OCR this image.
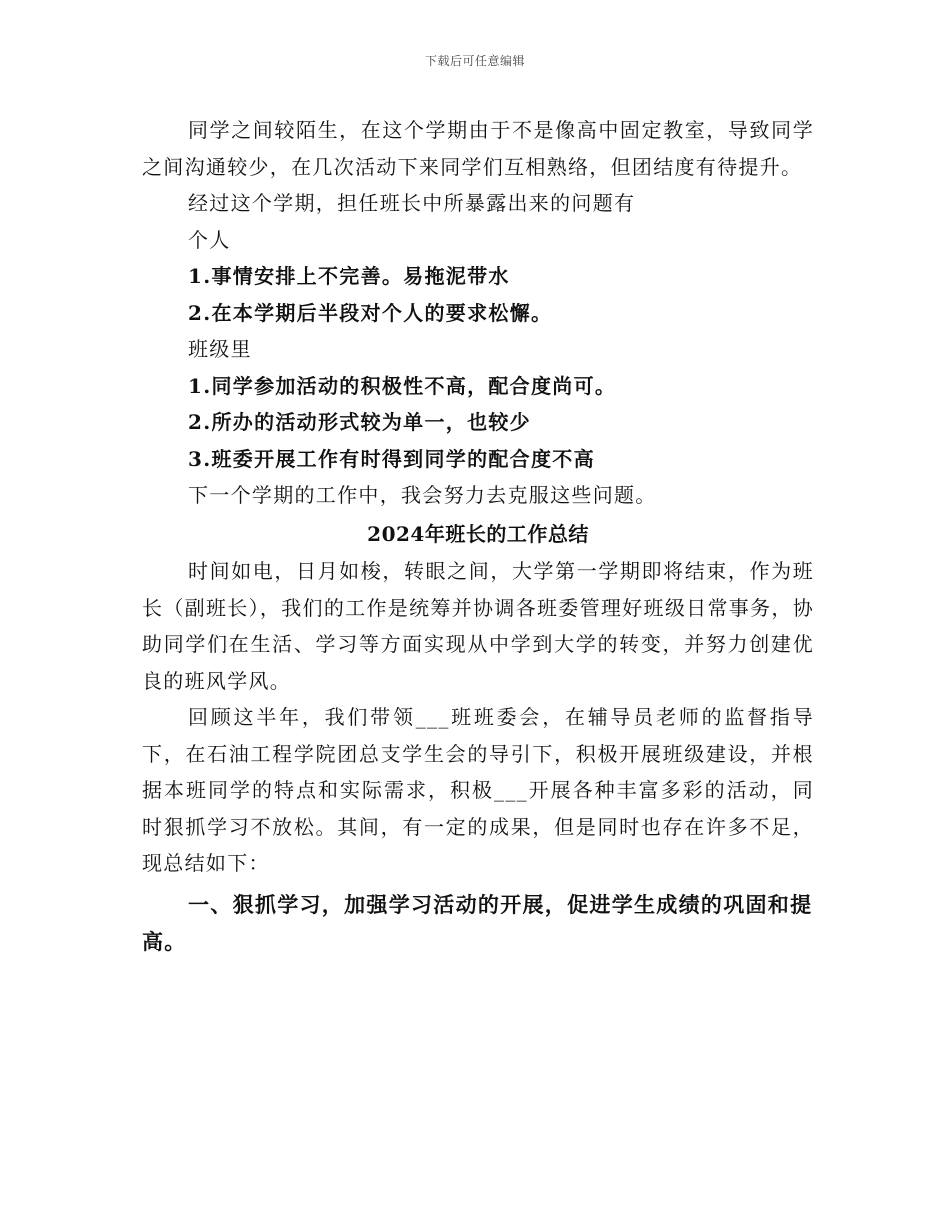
下载后可任意编辑

同学之间较陌生，在这个学期由于不是像高中固定教室，导致同学之间沟通较少，在几次活动下来同学们互相熟络，但团结度有待提升。

经过这个学期，担任班长中所暴露出来的问题有

个人

1.事情安排上不完善。易拖泥带水

2.在本学期后半段对个人的要求松懈。

班级里

1.同学参加活动的积极性不高，配合度尚可。

2.所办的活动形式较为单一，也较少

3.班委开展工作有时得到同学的配合度不高

下一个学期的工作中，我会努力去克服这些问题。

2024年班长的工作总结

时间如电，日月如梭，转眼之间，大学第一学期即将结束，作为班长（副班长），我们的工作是统筹并协调各班委管理好班级日常事务，协助同学们在生活、学习等方面实现从中学到大学的转变，并努力创建优良的班风学风。

回顾这半年，我们带领___班班委会，在辅导员老师的监督指导下，在石油工程学院团总支学生会的导引下，积极开展班级建设，并根据本班同学的特点和实际需求，积极___开展各种丰富多彩的活动，同时狠抓学习不放松。其间，有一定的成果，但是同时也存在许多不足，现总结如下：

一、狠抓学习，加强学习活动的开展，促进学生成绩的巩固和提高。
